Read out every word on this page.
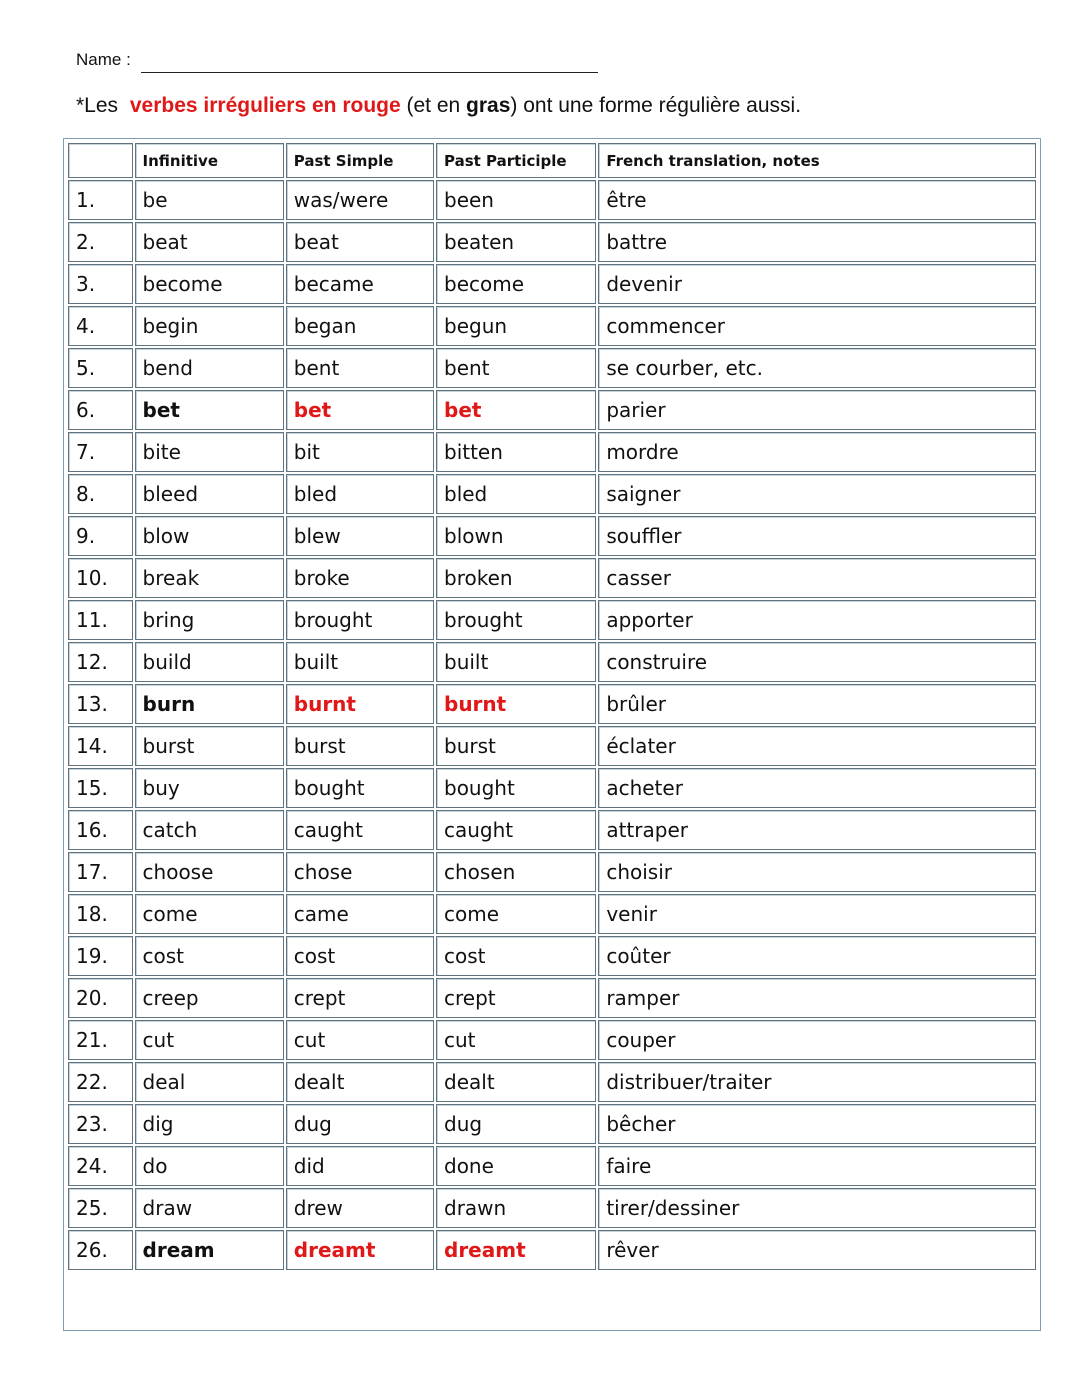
Name :
*Les verbes irréguliers en rouge (et en gras) ont une forme régulière aussi.
	Infinitive	Past Simple	Past Participle	French translation, notes
1.	be	was/were	been	être
2.	beat	beat	beaten	battre
3.	become	became	become	devenir
4.	begin	began	begun	commencer
5.	bend	bent	bent	se courber, etc.
6.	bet	bet	bet	parier
7.	bite	bit	bitten	mordre
8.	bleed	bled	bled	saigner
9.	blow	blew	blown	souffler
10.	break	broke	broken	casser
11.	bring	brought	brought	apporter
12.	build	built	built	construire
13.	burn	burnt	burnt	brûler
14.	burst	burst	burst	éclater
15.	buy	bought	bought	acheter
16.	catch	caught	caught	attraper
17.	choose	chose	chosen	choisir
18.	come	came	come	venir
19.	cost	cost	cost	coûter
20.	creep	crept	crept	ramper
21.	cut	cut	cut	couper
22.	deal	dealt	dealt	distribuer/traiter
23.	dig	dug	dug	bêcher
24.	do	did	done	faire
25.	draw	drew	drawn	tirer/dessiner
26.	dream	dreamt	dreamt	rêver
